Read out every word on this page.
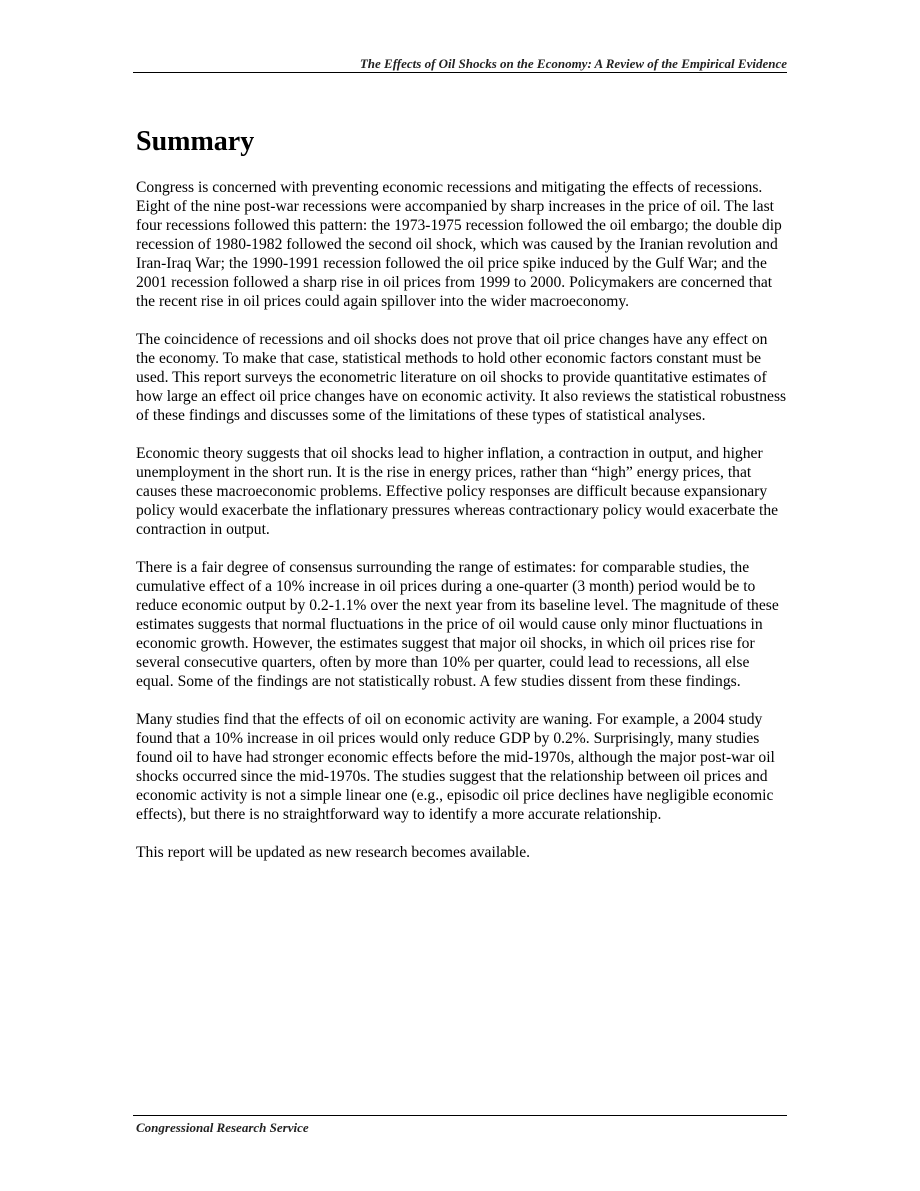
The Effects of Oil Shocks on the Economy: A Review of the Empirical Evidence
Summary

Congress is concerned with preventing economic recessions and mitigating the effects of recessions. Eight of the nine post-war recessions were accompanied by sharp increases in the price of oil. The last four recessions followed this pattern: the 1973-1975 recession followed the oil embargo; the double dip recession of 1980-1982 followed the second oil shock, which was caused by the Iranian revolution and Iran-Iraq War; the 1990-1991 recession followed the oil price spike induced by the Gulf War; and the 2001 recession followed a sharp rise in oil prices from 1999 to 2000. Policymakers are concerned that the recent rise in oil prices could again spillover into the wider macroeconomy.

The coincidence of recessions and oil shocks does not prove that oil price changes have any effect on the economy. To make that case, statistical methods to hold other economic factors constant must be used. This report surveys the econometric literature on oil shocks to provide quantitative estimates of how large an effect oil price changes have on economic activity. It also reviews the statistical robustness of these findings and discusses some of the limitations of these types of statistical analyses.

Economic theory suggests that oil shocks lead to higher inflation, a contraction in output, and higher unemployment in the short run. It is the rise in energy prices, rather than “high” energy prices, that causes these macroeconomic problems. Effective policy responses are difficult because expansionary policy would exacerbate the inflationary pressures whereas contractionary policy would exacerbate the contraction in output.

There is a fair degree of consensus surrounding the range of estimates: for comparable studies, the cumulative effect of a 10% increase in oil prices during a one-quarter (3 month) period would be to reduce economic output by 0.2-1.1% over the next year from its baseline level. The magnitude of these estimates suggests that normal fluctuations in the price of oil would cause only minor fluctuations in economic growth. However, the estimates suggest that major oil shocks, in which oil prices rise for several consecutive quarters, often by more than 10% per quarter, could lead to recessions, all else equal. Some of the findings are not statistically robust. A few studies dissent from these findings.

Many studies find that the effects of oil on economic activity are waning. For example, a 2004 study found that a 10% increase in oil prices would only reduce GDP by 0.2%. Surprisingly, many studies found oil to have had stronger economic effects before the mid-1970s, although the major post-war oil shocks occurred since the mid-1970s. The studies suggest that the relationship between oil prices and economic activity is not a simple linear one (e.g., episodic oil price declines have negligible economic effects), but there is no straightforward way to identify a more accurate relationship.

This report will be updated as new research becomes available.

Congressional Research Service
